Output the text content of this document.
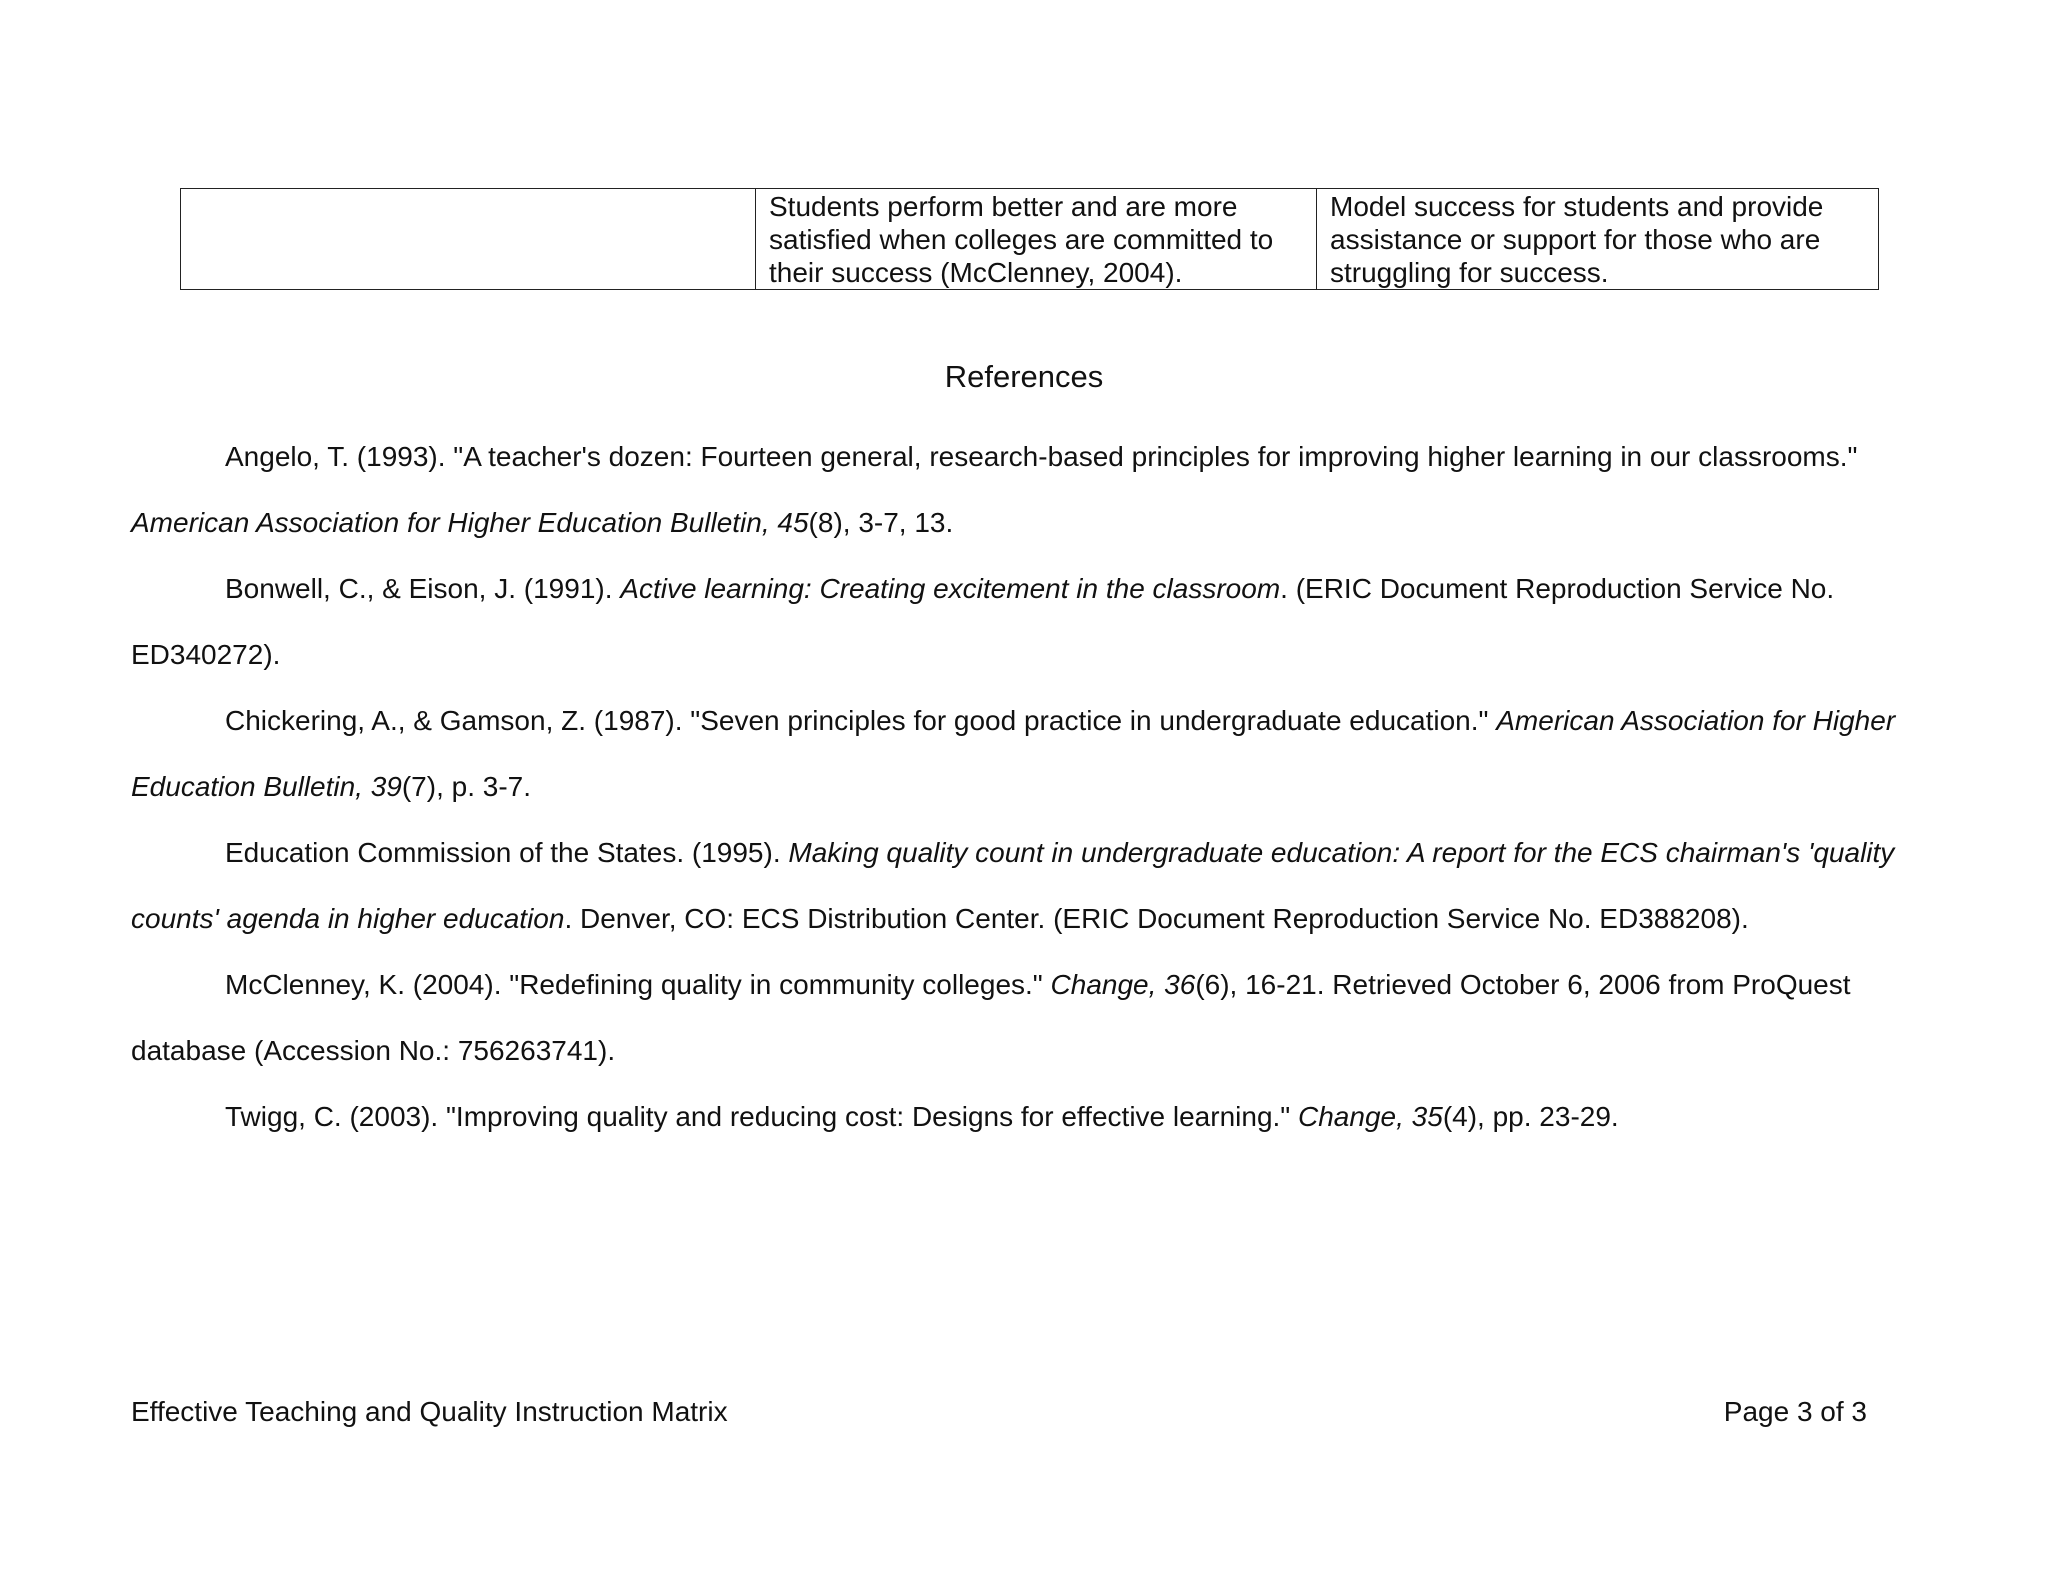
	Students perform better and are more satisfied when colleges are committed to their success (McClenney, 2004).	Model success for students and provide assistance or support for those who are struggling for success.
References

Angelo, T. (1993). "A teacher's dozen: Fourteen general, research-based principles for improving higher learning in our classrooms." American Association for Higher Education Bulletin, 45(8), 3-7, 13.

Bonwell, C., & Eison, J. (1991). Active learning: Creating excitement in the classroom. (ERIC Document Reproduction Service No. ED340272).

Chickering, A., & Gamson, Z. (1987). "Seven principles for good practice in undergraduate education." American Association for Higher Education Bulletin, 39(7), p. 3-7.

Education Commission of the States. (1995). Making quality count in undergraduate education: A report for the ECS chairman's 'quality counts' agenda in higher education. Denver, CO: ECS Distribution Center. (ERIC Document Reproduction Service No. ED388208).

McClenney, K. (2004). "Redefining quality in community colleges." Change, 36(6), 16-21. Retrieved October 6, 2006 from ProQuest database (Accession No.: 756263741).

Twigg, C. (2003). "Improving quality and reducing cost: Designs for effective learning." Change, 35(4), pp. 23-29.

Effective Teaching and Quality Instruction Matrix	Page 3 of 3
